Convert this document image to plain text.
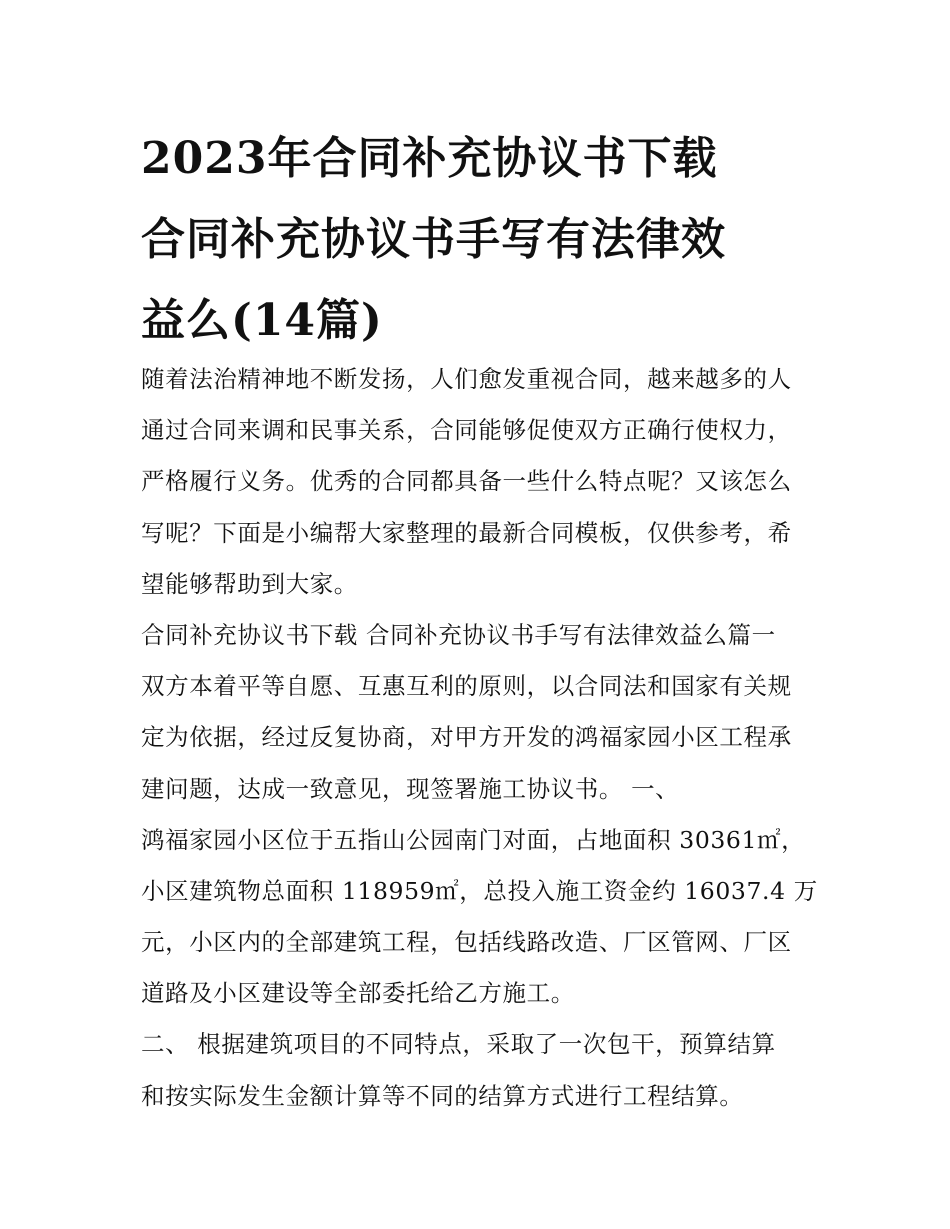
2023年合同补充协议书下载
合同补充协议书手写有法律效
益么(14篇)
随着法治精神地不断发扬，人们愈发重视合同，越来越多的人
通过合同来调和民事关系，合同能够促使双方正确行使权力，
严格履行义务。优秀的合同都具备一些什么特点呢？又该怎么
写呢？下面是小编帮大家整理的最新合同模板，仅供参考，希
望能够帮助到大家。
合同补充协议书下载 合同补充协议书手写有法律效益么篇一
双方本着平等自愿、互惠互利的原则，以合同法和国家有关规
定为依据，经过反复协商，对甲方开发的鸿福家园小区工程承
建问题，达成一致意见，现签署施工协议书。 一、
鸿福家园小区位于五指山公园南门对面，占地面积 30361㎡，
小区建筑物总面积 118959㎡，总投入施工资金约 16037.4 万
元，小区内的全部建筑工程，包括线路改造、厂区管网、厂区
道路及小区建设等全部委托给乙方施工。
二、 根据建筑项目的不同特点，采取了一次包干，预算结算
和按实际发生金额计算等不同的结算方式进行工程结算。
